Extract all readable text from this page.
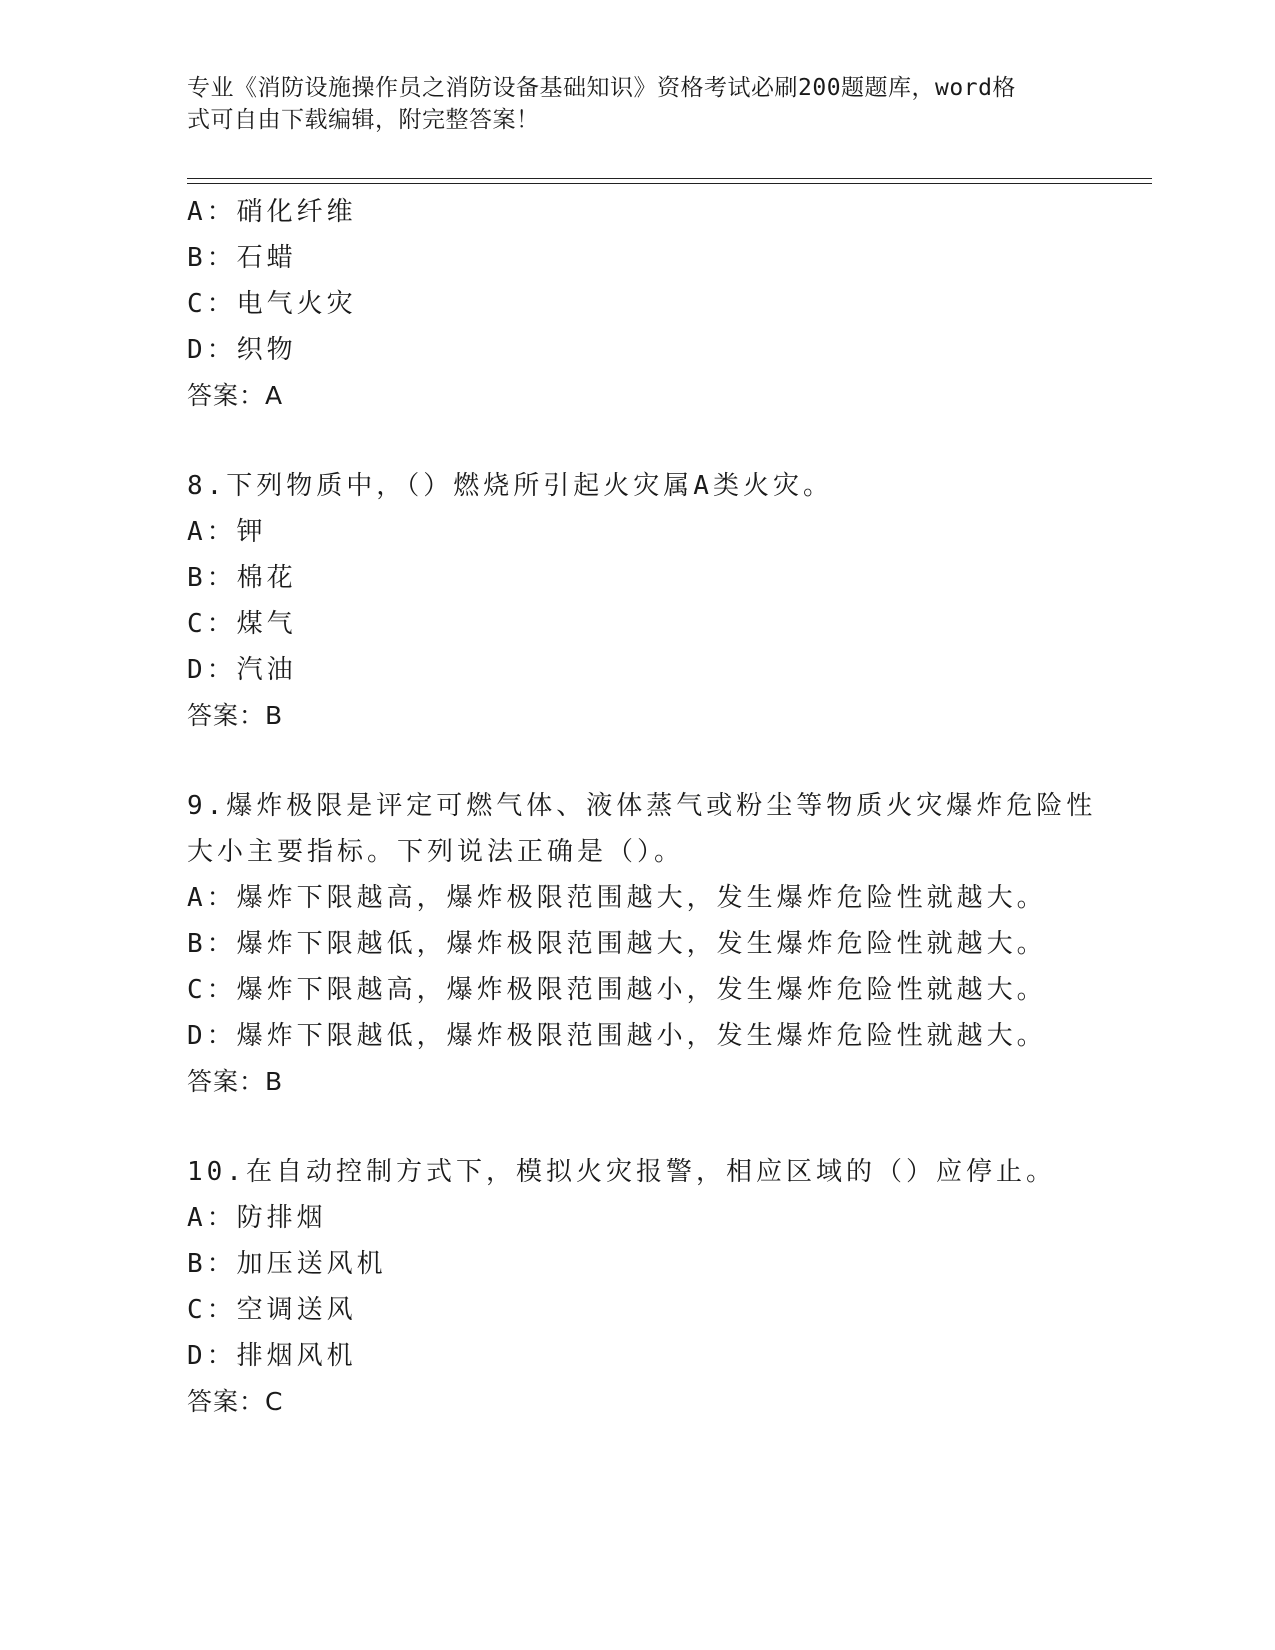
专业《消防设施操作员之消防设备基础知识》资格考试必刷200题题库，word格
式可自由下载编辑，附完整答案！
A：硝化纤维
B：石蜡
C：电气火灾
D：织物
答案：A
8.下列物质中，（）燃烧所引起火灾属A类火灾。
A：钾
B：棉花
C：煤气
D：汽油
答案：B
9.爆炸极限是评定可燃气体、液体蒸气或粉尘等物质火灾爆炸危险性
大小主要指标。下列说法正确是（）。
A：爆炸下限越高，爆炸极限范围越大，发生爆炸危险性就越大。
B：爆炸下限越低，爆炸极限范围越大，发生爆炸危险性就越大。
C：爆炸下限越高，爆炸极限范围越小，发生爆炸危险性就越大。
D：爆炸下限越低，爆炸极限范围越小，发生爆炸危险性就越大。
答案：B
10.在自动控制方式下，模拟火灾报警，相应区域的（）应停止。
A：防排烟
B：加压送风机
C：空调送风
D：排烟风机
答案：C
